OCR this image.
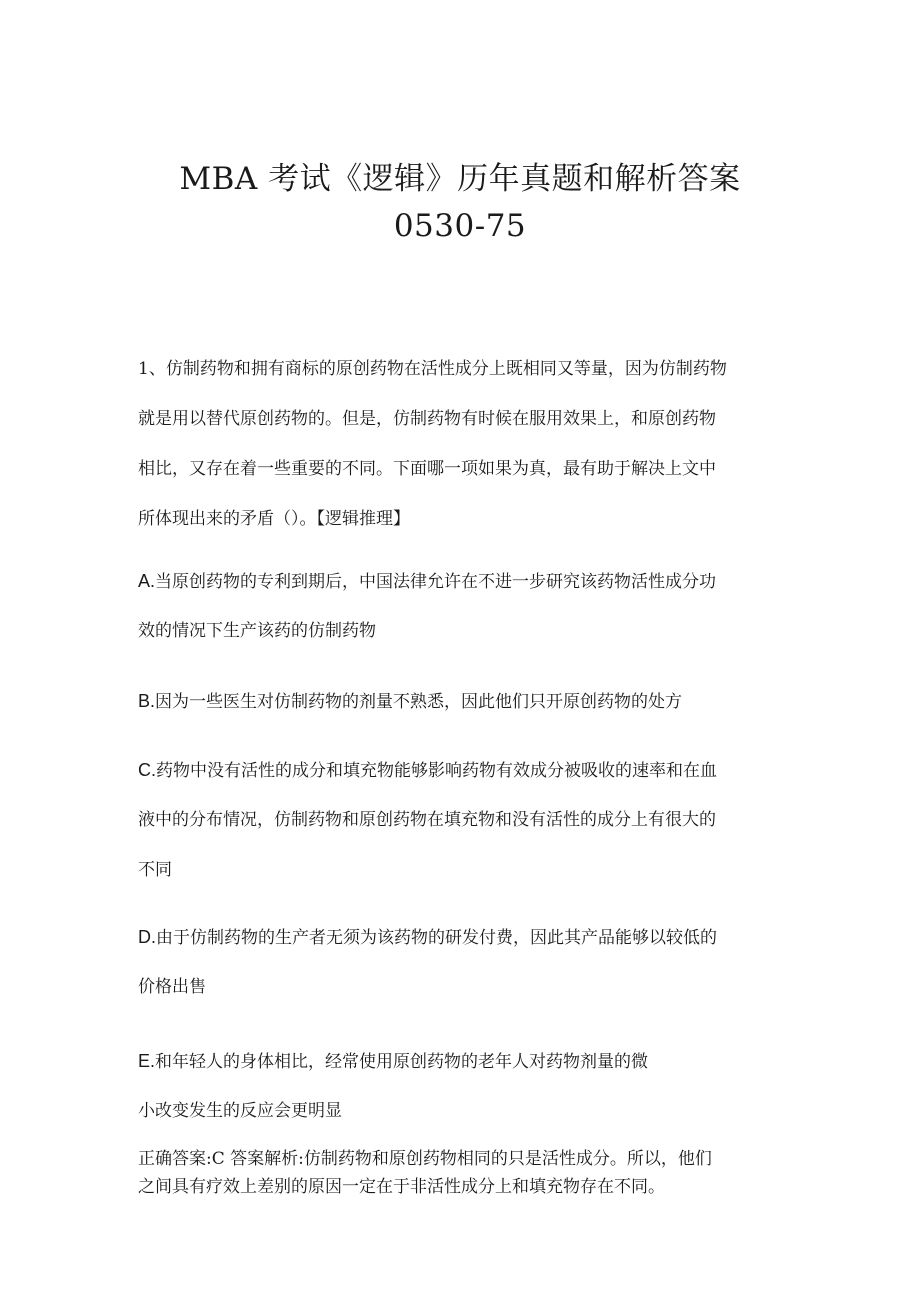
MBA 考试《逻辑》历年真题和解析答案
0530-75
1、仿制药物和拥有商标的原创药物在活性成分上既相同又等量，因为仿制药物
就是用以替代原创药物的。但是，仿制药物有时候在服用效果上，和原创药物
相比，又存在着一些重要的不同。下面哪一项如果为真，最有助于解决上文中
所体现出来的矛盾（）。【逻辑推理】
A.当原创药物的专利到期后，中国法律允许在不进一步研究该药物活性成分功
效的情况下生产该药的仿制药物
B.因为一些医生对仿制药物的剂量不熟悉，因此他们只开原创药物的处方
C.药物中没有活性的成分和填充物能够影响药物有效成分被吸收的速率和在血
液中的分布情况，仿制药物和原创药物在填充物和没有活性的成分上有很大的
不同
D.由于仿制药物的生产者无须为该药物的研发付费，因此其产品能够以较低的
价格出售
E.和年轻人的身体相比，经常使用原创药物的老年人对药物剂量的微
小改变发生的反应会更明显
正确答案:C 答案解析:仿制药物和原创药物相同的只是活性成分。所以，他们
之间具有疗效上差别的原因一定在于非活性成分上和填充物存在不同。
